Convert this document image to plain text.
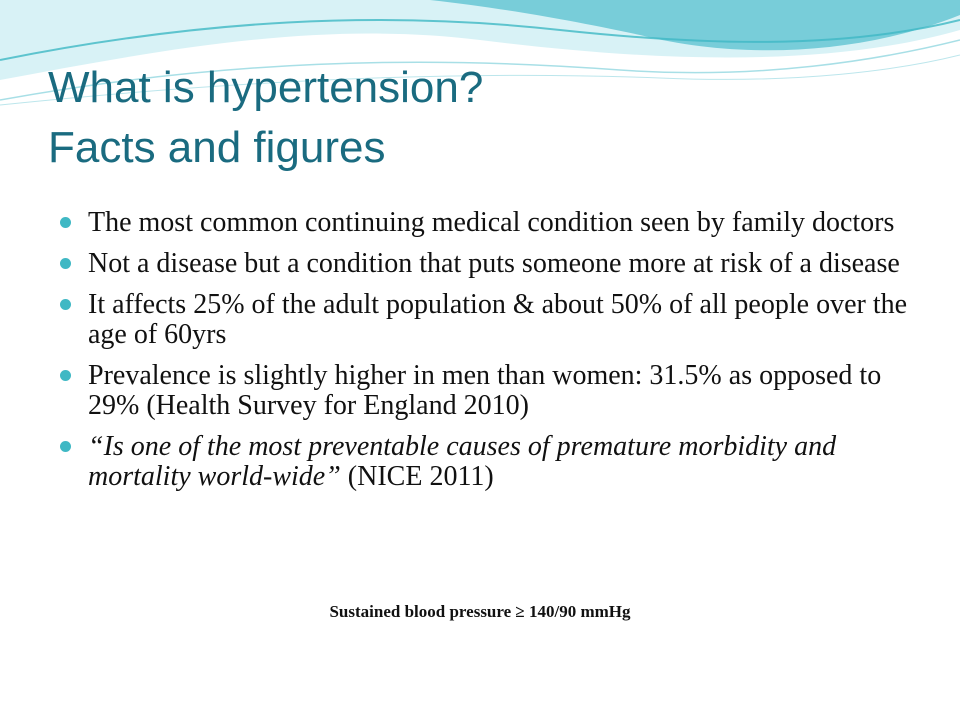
What is hypertension?
Facts and figures
The most common continuing medical condition seen by family doctors
Not a disease but a condition that puts someone more at risk of a disease
It affects 25% of the adult population & about 50% of all people over the age of 60yrs
Prevalence is slightly higher in men than women: 31.5% as opposed to 29% (Health Survey for England 2010)
“Is one of the most preventable causes of premature morbidity and mortality world-wide” (NICE 2011)
Sustained blood pressure ≥ 140/90 mmHg
